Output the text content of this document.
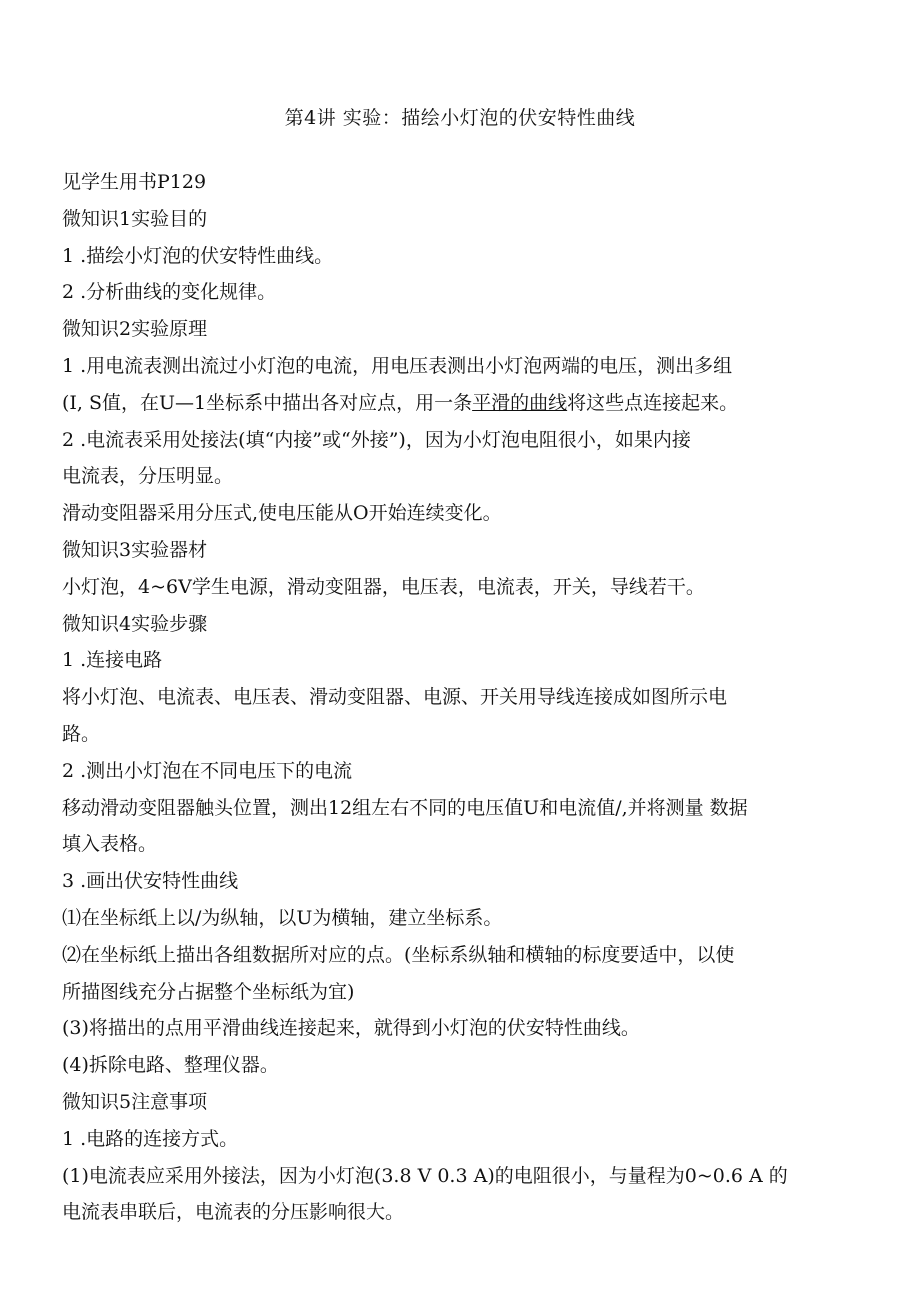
第4讲 实验：描绘小灯泡的伏安特性曲线

见学生用书P129

微知识1实验目的

1 .描绘小灯泡的伏安特性曲线。

2 .分析曲线的变化规律。

微知识2实验原理

1 .用电流表测出流过小灯泡的电流，用电压表测出小灯泡两端的电压，测出多组

(I, S值，在U—1坐标系中描出各对应点，用一条平滑的曲线将这些点连接起来。

2 .电流表采用处接法(填“内接”或“外接”)，因为小灯泡电阻很小，如果内接

电流表，分压明显。

滑动变阻器采用分压式,使电压能从O开始连续变化。

微知识3实验器材

小灯泡，4~6V学生电源，滑动变阻器，电压表，电流表，开关，导线若干。

微知识4实验步骤

1 .连接电路

将小灯泡、电流表、电压表、滑动变阻器、电源、开关用导线连接成如图所示电

路。

2 .测出小灯泡在不同电压下的电流

移动滑动变阻器触头位置，测出12组左右不同的电压值U和电流值/,并将测量 数据

填入表格。

3 .画出伏安特性曲线

⑴在坐标纸上以/为纵轴，以U为横轴，建立坐标系。

⑵在坐标纸上描出各组数据所对应的点。(坐标系纵轴和横轴的标度要适中，以使

所描图线充分占据整个坐标纸为宜)

(3)将描出的点用平滑曲线连接起来，就得到小灯泡的伏安特性曲线。

(4)拆除电路、整理仪器。

微知识5注意事项

1 .电路的连接方式。

(1)电流表应采用外接法，因为小灯泡(3.8 V 0.3 A)的电阻很小，与量程为0~0.6 A 的

电流表串联后，电流表的分压影响很大。
